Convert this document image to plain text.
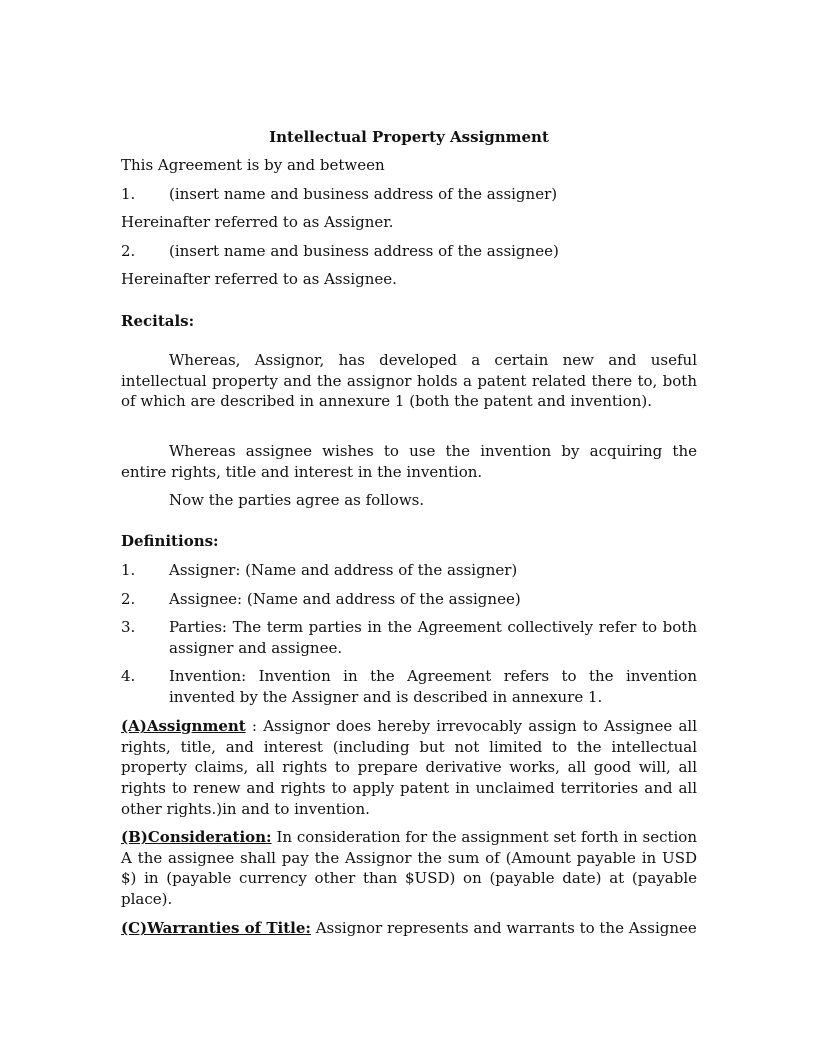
Intellectual Property Assignment
This Agreement is by and between
1.	(insert name and business address of the assigner)
Hereinafter referred to as Assigner.
2.	(insert name and business address of the assignee)
Hereinafter referred to as Assignee.
Recitals:
Whereas, Assignor, has developed a certain new and useful intellectual property and the assignor holds a patent related there to, both of which are described in annexure 1 (both the patent and invention).
Whereas assignee wishes to use the invention by acquiring the entire rights, title and interest in the invention.
Now the parties agree as follows.
Definitions:
1.	Assigner: (Name and address of the assigner)
2.	Assignee: (Name and address of the assignee)
3.	Parties: The term parties in the Agreement collectively refer to both assigner and assignee.
4.	Invention: Invention in the Agreement refers to the invention invented by the Assigner and is described in annexure 1.
(A)Assignment : Assignor does hereby irrevocably assign to Assignee all rights, title, and interest (including but not limited to the intellectual property claims, all rights to prepare derivative works, all good will, all rights to renew and rights to apply patent in unclaimed territories and all other rights.)in and to invention.
(B)Consideration: In consideration for the assignment set forth in section A the assignee shall pay the Assignor the sum of (Amount payable in USD $) in (payable currency other than $USD) on (payable date) at (payable place).
(C)Warranties of Title: Assignor represents and warrants to the Assignee
